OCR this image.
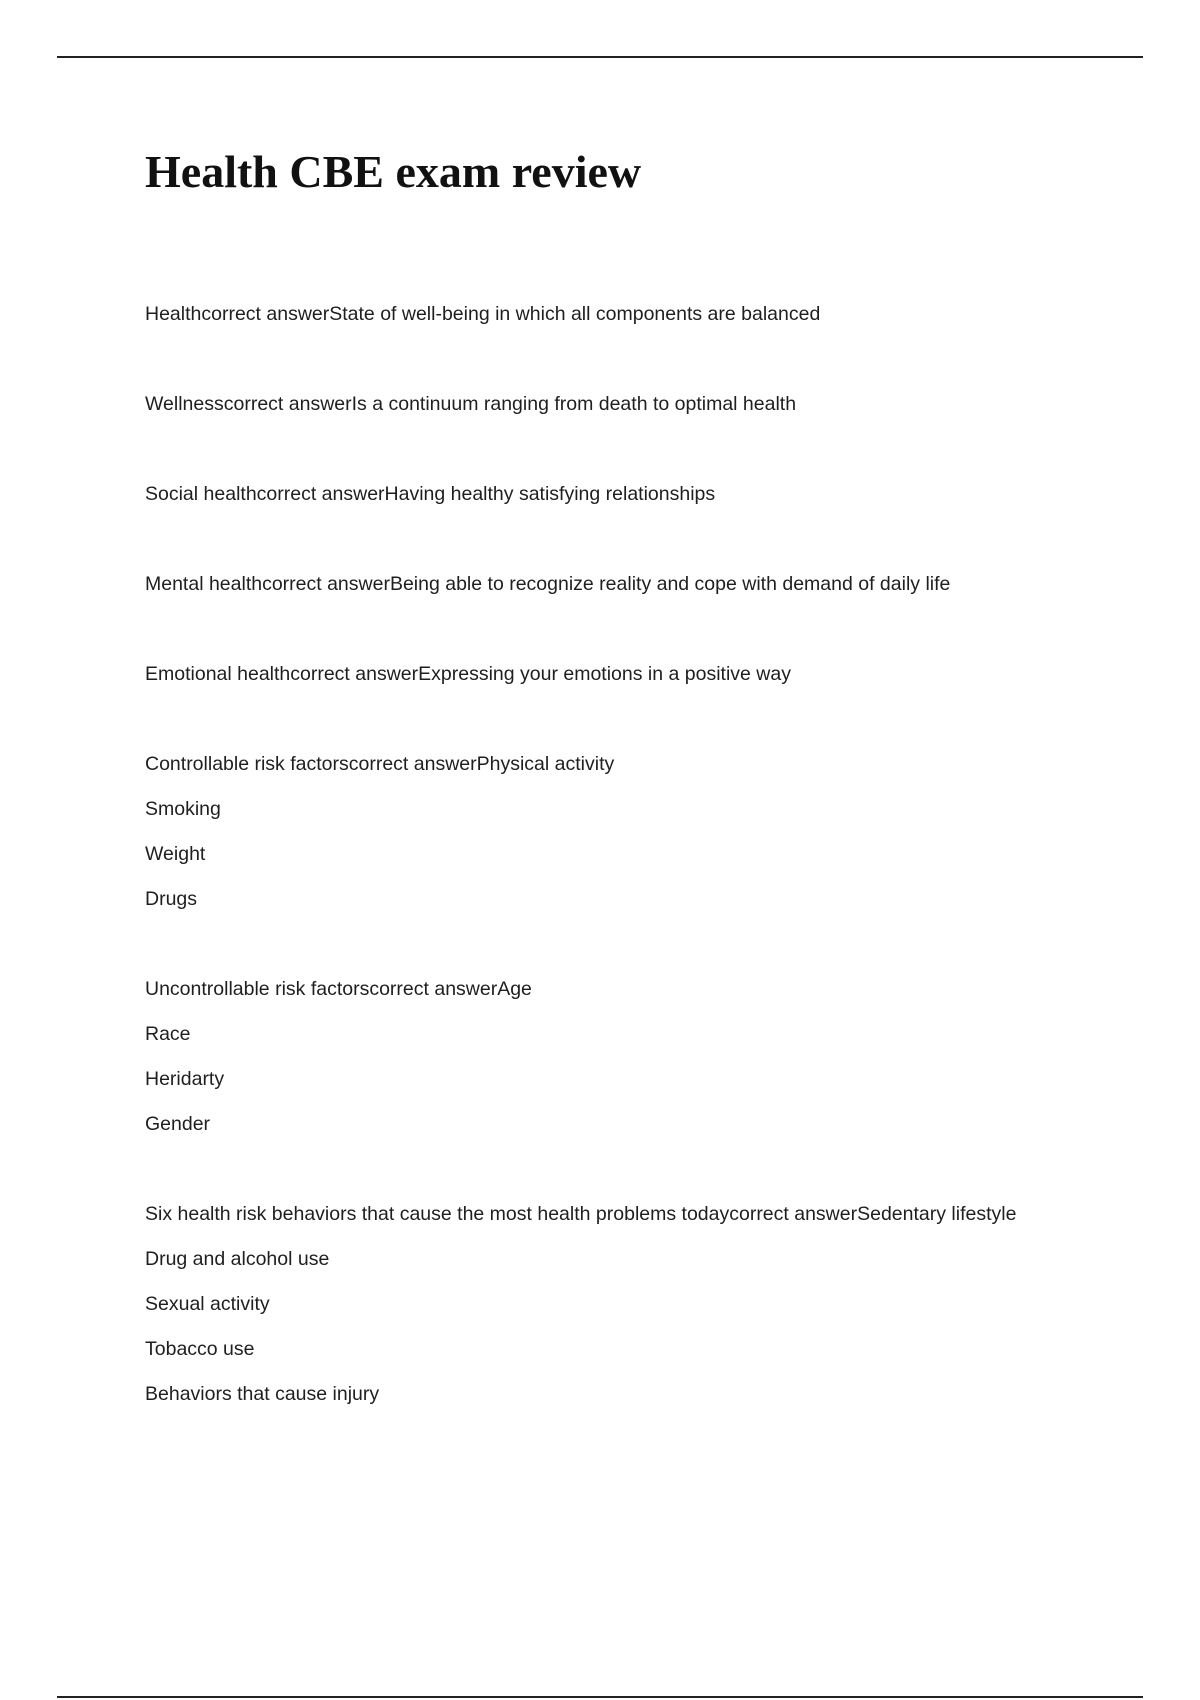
Health CBE exam review
Healthcorrect answerState of well-being in which all components are balanced
Wellnesscorrect answerIs a continuum ranging from death to optimal health
Social healthcorrect answerHaving healthy satisfying relationships
Mental healthcorrect answerBeing able to recognize reality and cope with demand of daily life
Emotional healthcorrect answerExpressing your emotions in a positive way
Controllable risk factorscorrect answerPhysical activity
Smoking
Weight
Drugs
Uncontrollable risk factorscorrect answerAge
Race
Heridarty
Gender
Six health risk behaviors that cause the most health problems todaycorrect answerSedentary lifestyle
Drug and alcohol use
Sexual activity
Tobacco use
Behaviors that cause injury
